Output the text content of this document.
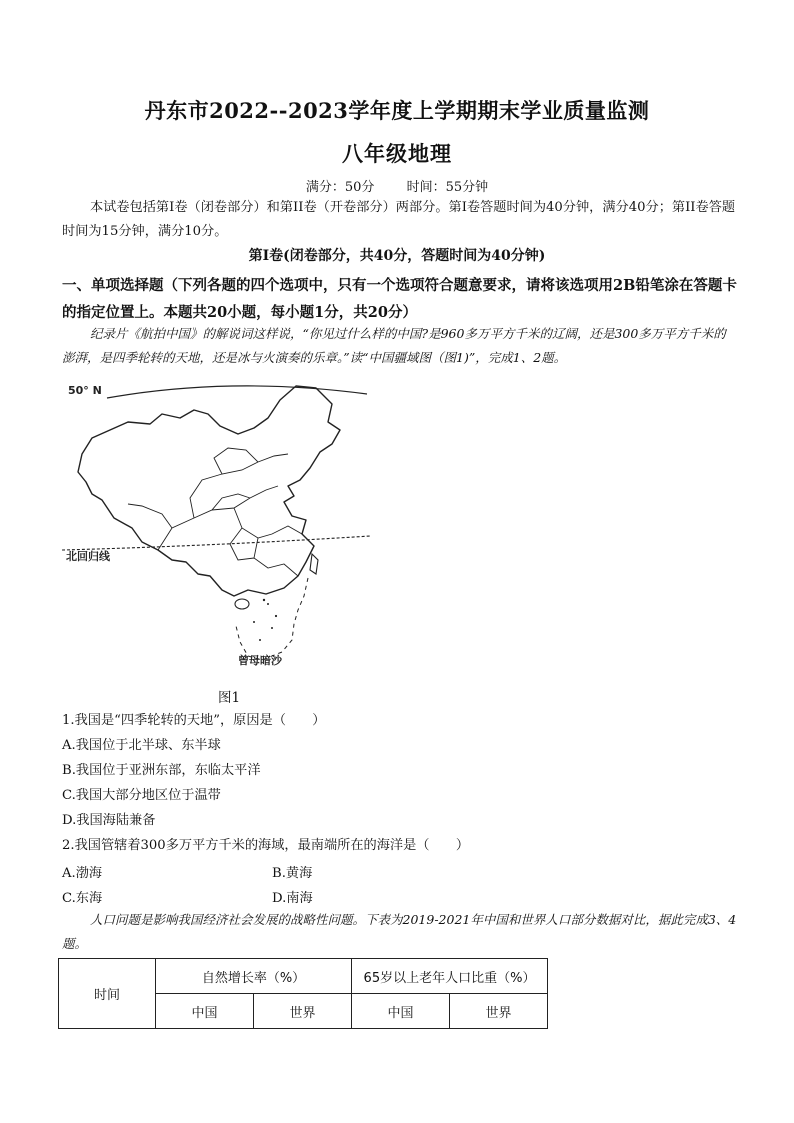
丹东市2022--2023学年度上学期期末学业质量监测
八年级地理
满分：50分 时间：55分钟
本试卷包括第I卷（闭卷部分）和第II卷（开卷部分）两部分。第I卷答题时间为40分钟，满分40分；第II卷答题时间为15分钟，满分10分。
第I卷(闭卷部分，共40分，答题时间为40分钟)
一、单项选择题（下列各题的四个选项中，只有一个选项符合题意要求，请将该选项用2B铅笔涂在答题卡的指定位置上。本题共20小题，每小题1分，共20分）
纪录片《航拍中国》的解说词这样说，“你见过什么样的中国?是960多万平方千米的辽阔，还是300多万平方千米的澎湃，是四季轮转的天地，还是冰与火演奏的乐章。”读“中国疆域图（图1)”，完成1、2题。
50° N
北回归线
曾母暗沙
图1
1.我国是“四季轮转的天地”，原因是（　　）
A.我国位于北半球、东半球
B.我国位于亚洲东部，东临太平洋
C.我国大部分地区位于温带
D.我国海陆兼备
2.我国管辖着300多万平方千米的海域，最南端所在的海洋是（　　）
A.渤海	B.黄海
C.东海	D.南海
人口问题是影响我国经济社会发展的战略性问题。下表为2019-2021年中国和世界人口部分数据对比，据此完成3、4题。
时间	自然增长率（%）		65岁以上老年人口比重（%）	
	中国	世界	中国	世界
